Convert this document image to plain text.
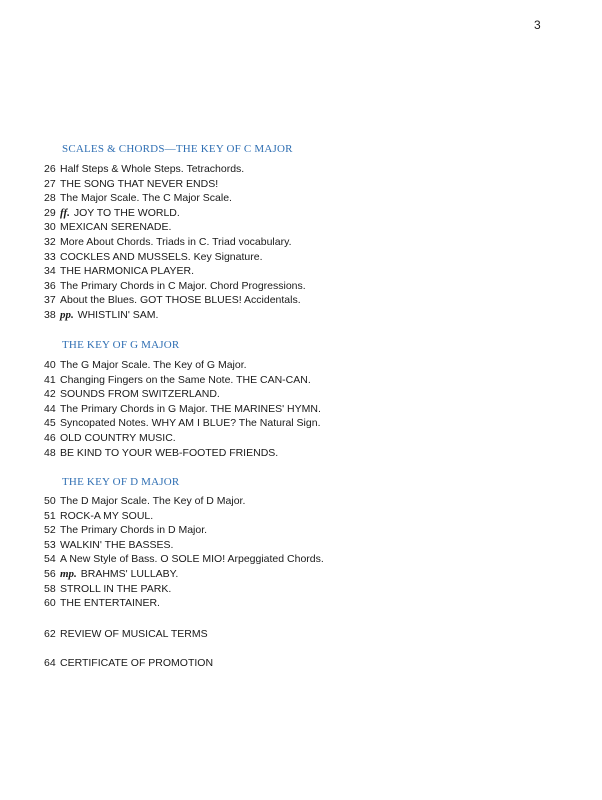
3
SCALES & CHORDS—THE KEY OF C MAJOR
26 Half Steps & Whole Steps. Tetrachords.
27 THE SONG THAT NEVER ENDS!
28 The Major Scale. The C Major Scale.
29 ff. JOY TO THE WORLD.
30 MEXICAN SERENADE.
32 More About Chords. Triads in C. Triad vocabulary.
33 COCKLES AND MUSSELS. Key Signature.
34 THE HARMONICA PLAYER.
36 The Primary Chords in C Major. Chord Progressions.
37 About the Blues. GOT THOSE BLUES! Accidentals.
38 pp. WHISTLIN' SAM.
THE KEY OF G MAJOR
40 The G Major Scale. The Key of G Major.
41 Changing Fingers on the Same Note. THE CAN-CAN.
42 SOUNDS FROM SWITZERLAND.
44 The Primary Chords in G Major. THE MARINES' HYMN.
45 Syncopated Notes. WHY AM I BLUE? The Natural Sign.
46 OLD COUNTRY MUSIC.
48 BE KIND TO YOUR WEB-FOOTED FRIENDS.
THE KEY OF D MAJOR
50 The D Major Scale. The Key of D Major.
51 ROCK-A MY SOUL.
52 The Primary Chords in D Major.
53 WALKIN' THE BASSES.
54 A New Style of Bass. O SOLE MIO! Arpeggiated Chords.
56 mp. BRAHMS' LULLABY.
58 STROLL IN THE PARK.
60 THE ENTERTAINER.
62 REVIEW OF MUSICAL TERMS
64 CERTIFICATE OF PROMOTION
